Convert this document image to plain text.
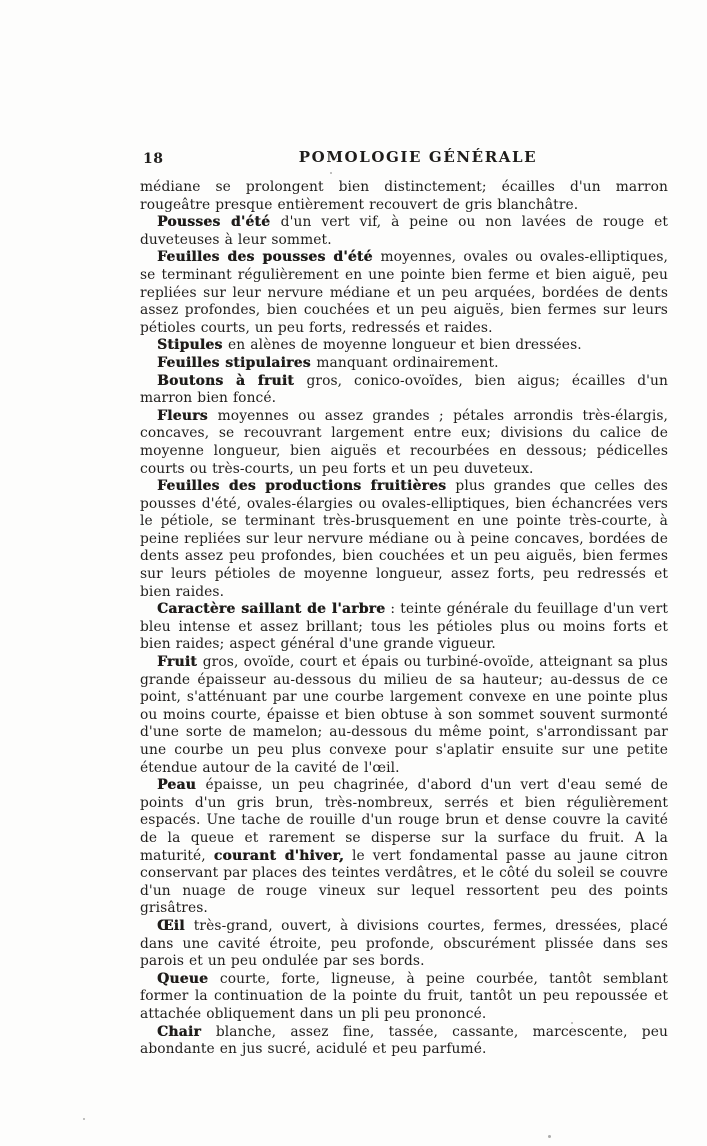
18	POMOLOGIE GÉNÉRALE

médiane se prolongent bien distinctement; écailles d'un marron rougeâtre presque entièrement recouvert de gris blanchâtre.

Pousses d'été d'un vert vif, à peine ou non lavées de rouge et duveteuses à leur sommet.

Feuilles des pousses d'été moyennes, ovales ou ovales-elliptiques, se terminant régulièrement en une pointe bien ferme et bien aiguë, peu repliées sur leur nervure médiane et un peu arquées, bordées de dents assez profondes, bien couchées et un peu aiguës, bien fermes sur leurs pétioles courts, un peu forts, redressés et raides.

Stipules en alènes de moyenne longueur et bien dressées.

Feuilles stipulaires manquant ordinairement.

Boutons à fruit gros, conico-ovoïdes, bien aigus; écailles d'un marron bien foncé.

Fleurs moyennes ou assez grandes ; pétales arrondis très-élargis, concaves, se recouvrant largement entre eux; divisions du calice de moyenne longueur, bien aiguës et recourbées en dessous; pédicelles courts ou très-courts, un peu forts et un peu duveteux.

Feuilles des productions fruitières plus grandes que celles des pousses d'été, ovales-élargies ou ovales-elliptiques, bien échancrées vers le pétiole, se terminant très-brusquement en une pointe très-courte, à peine repliées sur leur nervure médiane ou à peine concaves, bordées de dents assez peu profondes, bien couchées et un peu aiguës, bien fermes sur leurs pétioles de moyenne longueur, assez forts, peu redressés et bien raides.

Caractère saillant de l'arbre : teinte générale du feuillage d'un vert bleu intense et assez brillant; tous les pétioles plus ou moins forts et bien raides; aspect général d'une grande vigueur.

Fruit gros, ovoïde, court et épais ou turbiné-ovoïde, atteignant sa plus grande épaisseur au-dessous du milieu de sa hauteur; au-dessus de ce point, s'atténuant par une courbe largement convexe en une pointe plus ou moins courte, épaisse et bien obtuse à son sommet souvent surmonté d'une sorte de mamelon; au-dessous du même point, s'arrondissant par une courbe un peu plus convexe pour s'aplatir ensuite sur une petite étendue autour de la cavité de l'œil.

Peau épaisse, un peu chagrinée, d'abord d'un vert d'eau semé de points d'un gris brun, très-nombreux, serrés et bien régulièrement espacés. Une tache de rouille d'un rouge brun et dense couvre la cavité de la queue et rarement se disperse sur la surface du fruit. A la maturité, courant d'hiver, le vert fondamental passe au jaune citron conservant par places des teintes verdâtres, et le côté du soleil se couvre d'un nuage de rouge vineux sur lequel ressortent peu des points grisâtres.

Œil très-grand, ouvert, à divisions courtes, fermes, dressées, placé dans une cavité étroite, peu profonde, obscurément plissée dans ses parois et un peu ondulée par ses bords.

Queue courte, forte, ligneuse, à peine courbée, tantôt semblant former la continuation de la pointe du fruit, tantôt un peu repoussée et attachée obliquement dans un pli peu prononcé.

Chair blanche, assez fine, tassée, cassante, marcescente, peu abondante en jus sucré, acidulé et peu parfumé.
